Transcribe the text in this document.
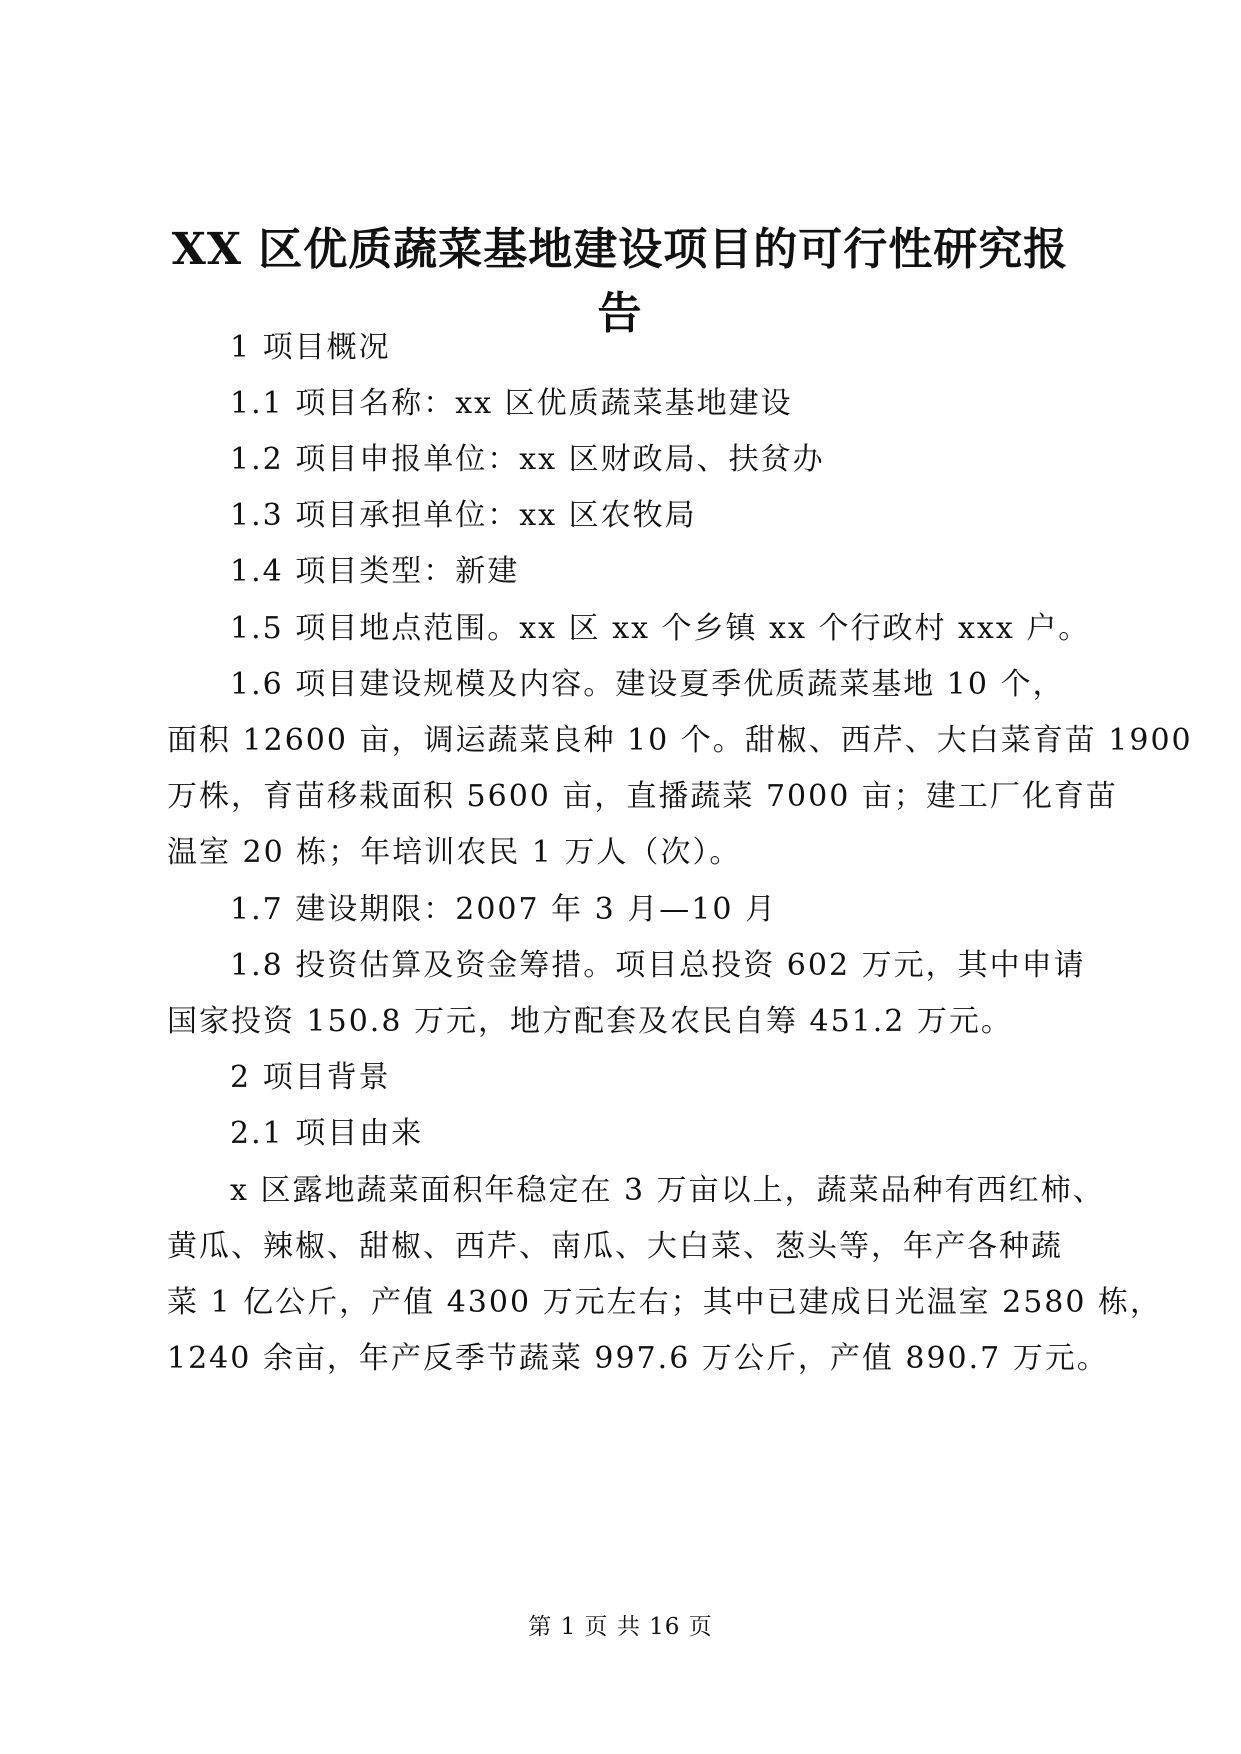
XX 区优质蔬菜基地建设项目的可行性研究报
告
1 项目概况
1.1 项目名称：xx 区优质蔬菜基地建设
1.2 项目申报单位：xx 区财政局、扶贫办
1.3 项目承担单位：xx 区农牧局
1.4 项目类型：新建
1.5 项目地点范围。xx 区 xx 个乡镇 xx 个行政村 xxx 户。
1.6 项目建设规模及内容。建设夏季优质蔬菜基地 10 个，
面积 12600 亩，调运蔬菜良种 10 个。甜椒、西芹、大白菜育苗 1900
万株，育苗移栽面积 5600 亩，直播蔬菜 7000 亩；建工厂化育苗
温室 20 栋；年培训农民 1 万人（次）。
1.7 建设期限：2007 年 3 月—10 月
1.8 投资估算及资金筹措。项目总投资 602 万元，其中申请
国家投资 150.8 万元，地方配套及农民自筹 451.2 万元。
2 项目背景
2.1 项目由来
x 区露地蔬菜面积年稳定在 3 万亩以上，蔬菜品种有西红柿、
黄瓜、辣椒、甜椒、西芹、南瓜、大白菜、葱头等，年产各种蔬
菜 1 亿公斤，产值 4300 万元左右；其中已建成日光温室 2580 栋，
1240 余亩，年产反季节蔬菜 997.6 万公斤，产值 890.7 万元。
第 1 页 共 16 页
